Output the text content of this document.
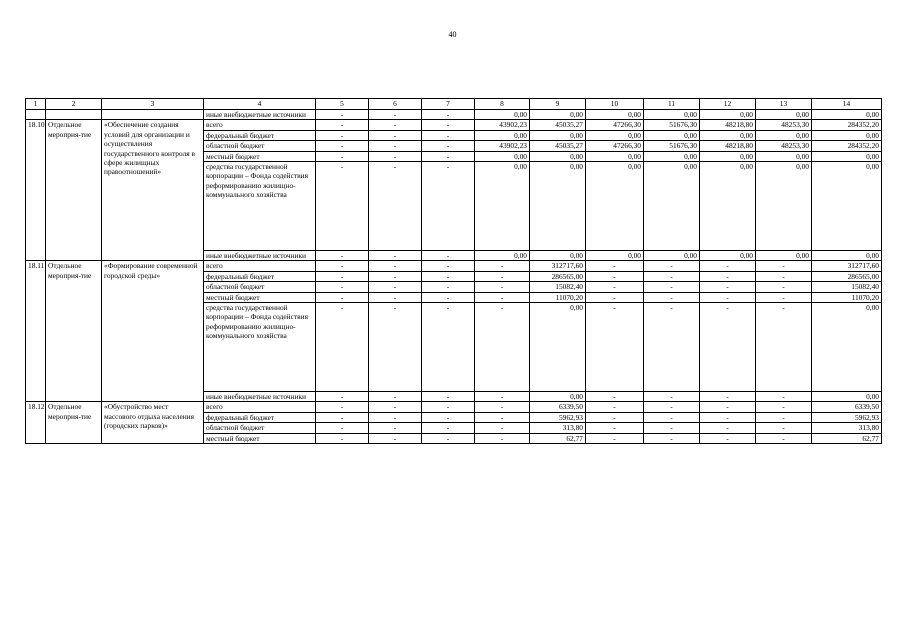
40
1	2	3	4	5	6	7	8	9	10	11	12	13	14
			иные внебюджетные источники	-	-	-	0,00	0,00	0,00	0,00	0,00	0,00	0,00
18.10	Отдельное мероприя-тие	«Обеспечение создания условий для организации и осуществления государственного контроля в сфере жилищных правоотношений»	всего	-	-	-	43902,23	45035,27	47266,30	51676,30	48218,80	48253,30	284352,20
			федеральный бюджет	-	-	-	0,00	0,00	0,00	0,00	0,00	0,00	0,00
			областной бюджет	-	-	-	43902,23	45035,27	47266,30	51676,30	48218,80	48253,30	284352,20
			местный бюджет	-	-	-	0,00	0,00	0,00	0,00	0,00	0,00	0,00
			средства государственной корпорации – Фонда содействия реформированию жилищно-коммунального хозяйства	-	-	-	0,00	0,00	0,00	0,00	0,00	0,00	0,00
			иные внебюджетные источники	-	-	-	0,00	0,00	0,00	0,00	0,00	0,00	0,00
18.11	Отдельное мероприя-тие	«Формирование современной городской среды»	всего	-	-	-	-	312717,60	-	-	-	-	312717,60
			федеральный бюджет	-	-	-	-	286565,00	-	-	-	-	286565,00
			областной бюджет	-	-	-	-	15082,40	-	-	-	-	15082,40
			местный бюджет	-	-	-	-	11070,20	-	-	-	-	11070,20
			средства государственной корпорации – Фонда содействия реформированию жилищно-коммунального хозяйства	-	-	-	-	0,00	-	-	-	-	0,00
			иные внебюджетные источники	-	-	-	-	0,00	-	-	-	-	0,00
18.12	Отдельное мероприя-тие	«Обустройство мест массового отдыха населения (городских парков)»	всего	-	-	-	-	6339,50	-	-	-	-	6339,50
			федеральный бюджет	-	-	-	-	5962,93	-	-	-	-	5962,93
			областной бюджет	-	-	-	-	313,80	-	-	-	-	313,80
			местный бюджет	-	-	-	-	62,77	-	-	-	-	62,77
